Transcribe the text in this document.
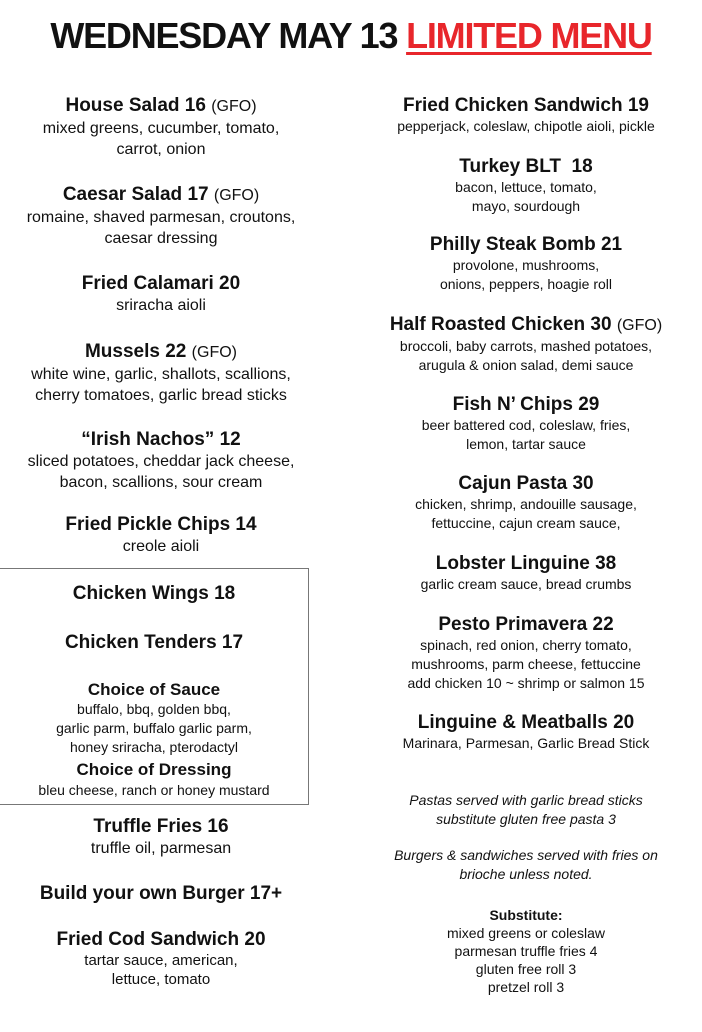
WEDNESDAY MAY 13 LIMITED MENU
House Salad 16 (GFO)
mixed greens, cucumber, tomato,
carrot, onion
Caesar Salad 17 (GFO)
romaine, shaved parmesan, croutons,
caesar dressing
Fried Calamari 20
sriracha aioli
Mussels 22 (GFO)
white wine, garlic, shallots, scallions,
cherry tomatoes, garlic bread sticks
“Irish Nachos” 12
sliced potatoes, cheddar jack cheese,
bacon, scallions, sour cream
Fried Pickle Chips 14
creole aioli
Chicken Wings 18
Chicken Tenders 17
Choice of Sauce
buffalo, bbq, golden bbq,
garlic parm, buffalo garlic parm,
honey sriracha, pterodactyl
Choice of Dressing
bleu cheese, ranch or honey mustard
Truffle Fries 16
truffle oil, parmesan
Build your own Burger 17+
Fried Cod Sandwich 20
tartar sauce, american,
lettuce, tomato
Fried Chicken Sandwich 19
pepperjack, coleslaw, chipotle aioli, pickle
Turkey BLT  18
bacon, lettuce, tomato,
mayo, sourdough
Philly Steak Bomb 21
provolone, mushrooms,
onions, peppers, hoagie roll
Half Roasted Chicken 30 (GFO)
broccoli, baby carrots, mashed potatoes,
arugula & onion salad, demi sauce
Fish N’ Chips 29
beer battered cod, coleslaw, fries,
lemon, tartar sauce
Cajun Pasta 30
chicken, shrimp, andouille sausage,
fettuccine, cajun cream sauce,
Lobster Linguine 38
garlic cream sauce, bread crumbs
Pesto Primavera 22
spinach, red onion, cherry tomato,
mushrooms, parm cheese, fettuccine
add chicken 10 ~ shrimp or salmon 15
Linguine & Meatballs 20
Marinara, Parmesan, Garlic Bread Stick
Pastas served with garlic bread sticks
substitute gluten free pasta 3
Burgers & sandwiches served with fries on
brioche unless noted.
Substitute:
mixed greens or coleslaw
parmesan truffle fries 4
gluten free roll 3
pretzel roll 3
